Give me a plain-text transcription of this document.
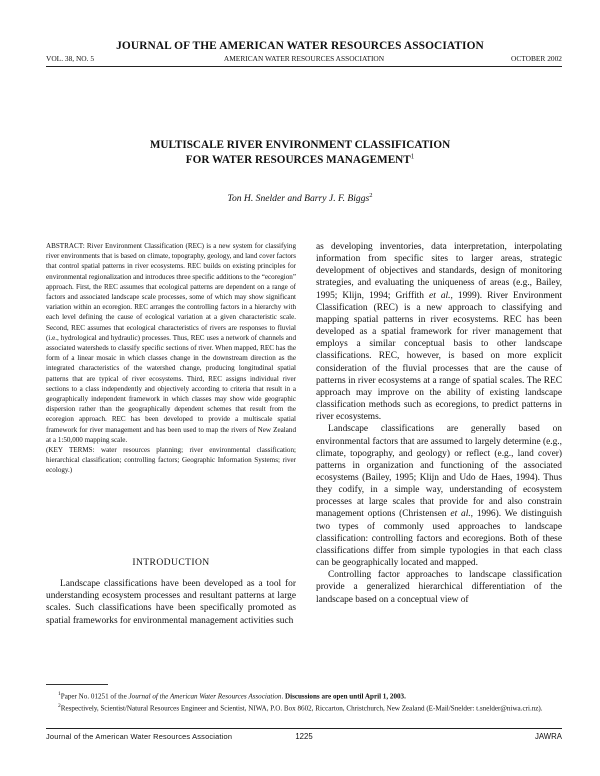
JOURNAL OF THE AMERICAN WATER RESOURCES ASSOCIATION
VOL. 38, NO. 5	AMERICAN WATER RESOURCES ASSOCIATION	OCTOBER 2002
MULTISCALE RIVER ENVIRONMENT CLASSIFICATION
FOR WATER RESOURCES MANAGEMENT$^1$
Ton H. Snelder and Barry J. F. Biggs$^2$

ABSTRACT: River Environment Classification (REC) is a new system for classifying river environments that is based on climate, topography, geology, and land cover factors that control spatial patterns in river ecosystems. REC builds on existing principles for environmental regionalization and introduces three specific additions to the “ecoregion” approach. First, the REC assumes that ecological patterns are dependent on a range of factors and associated landscape scale processes, some of which may show significant variation within an ecoregion. REC arranges the controlling factors in a hierarchy with each level defining the cause of ecological variation at a given characteristic scale. Second, REC assumes that ecological characteristics of rivers are responses to fluvial (i.e., hydrological and hydraulic) processes. Thus, REC uses a network of channels and associated watersheds to classify specific sections of river. When mapped, REC has the form of a linear mosaic in which classes change in the downstream direction as the integrated characteristics of the watershed change, producing longitudinal spatial patterns that are typical of river ecosystems. Third, REC assigns individual river sections to a class independently and objectively according to criteria that result in a geographically independent framework in which classes may show wide geographic dispersion rather than the geographically dependent schemes that result from the ecoregion approach. REC has been developed to provide a multiscale spatial framework for river management and has been used to map the rivers of New Zealand at a 1:50,000 mapping scale.

(KEY TERMS: water resources planning; river environmental classification; hierarchical classification; controlling factors; Geographic Information Systems; river ecology.)

INTRODUCTION

Landscape classifications have been developed as a tool for understanding ecosystem processes and resultant patterns at large scales. Such classifications have been specifically promoted as spatial frameworks for environmental management activities such

as developing inventories, data interpretation, interpolating information from specific sites to larger areas, strategic development of objectives and standards, design of monitoring strategies, and evaluating the uniqueness of areas (e.g., Bailey, 1995; Klijn, 1994; Griffith et al., 1999). River Environment Classification (REC) is a new approach to classifying and mapping spatial patterns in river ecosystems. REC has been developed as a spatial framework for river management that employs a similar conceptual basis to other landscape classifications. REC, however, is based on more explicit consideration of the fluvial processes that are the cause of patterns in river ecosystems at a range of spatial scales. The REC approach may improve on the ability of existing landscape classification methods such as ecoregions, to predict patterns in river ecosystems.

Landscape classifications are generally based on environmental factors that are assumed to largely determine (e.g., climate, topography, and geology) or reflect (e.g., land cover) patterns in organization and functioning of the associated ecosystems (Bailey, 1995; Klijn and Udo de Haes, 1994). Thus they codify, in a simple way, understanding of ecosystem processes at large scales that provide for and also constrain management options (Christensen et al., 1996). We distinguish two types of commonly used approaches to landscape classification: controlling factors and ecoregions. Both of these classifications differ from simple typologies in that each class can be geographically located and mapped.

Controlling factor approaches to landscape classification provide a generalized hierarchical differentiation of the landscape based on a conceptual view of

$^1$Paper No. 01251 of the Journal of the American Water Resources Association. Discussions are open until April 1, 2003.

$^2$Respectively, Scientist/Natural Resources Engineer and Scientist, NIWA, P.O. Box 8602, Riccarton, Christchurch, New Zealand (E-Mail/Snelder: t.snelder@niwa.cri.nz).

Journal of the American Water Resources Association	1225	JAWRA
